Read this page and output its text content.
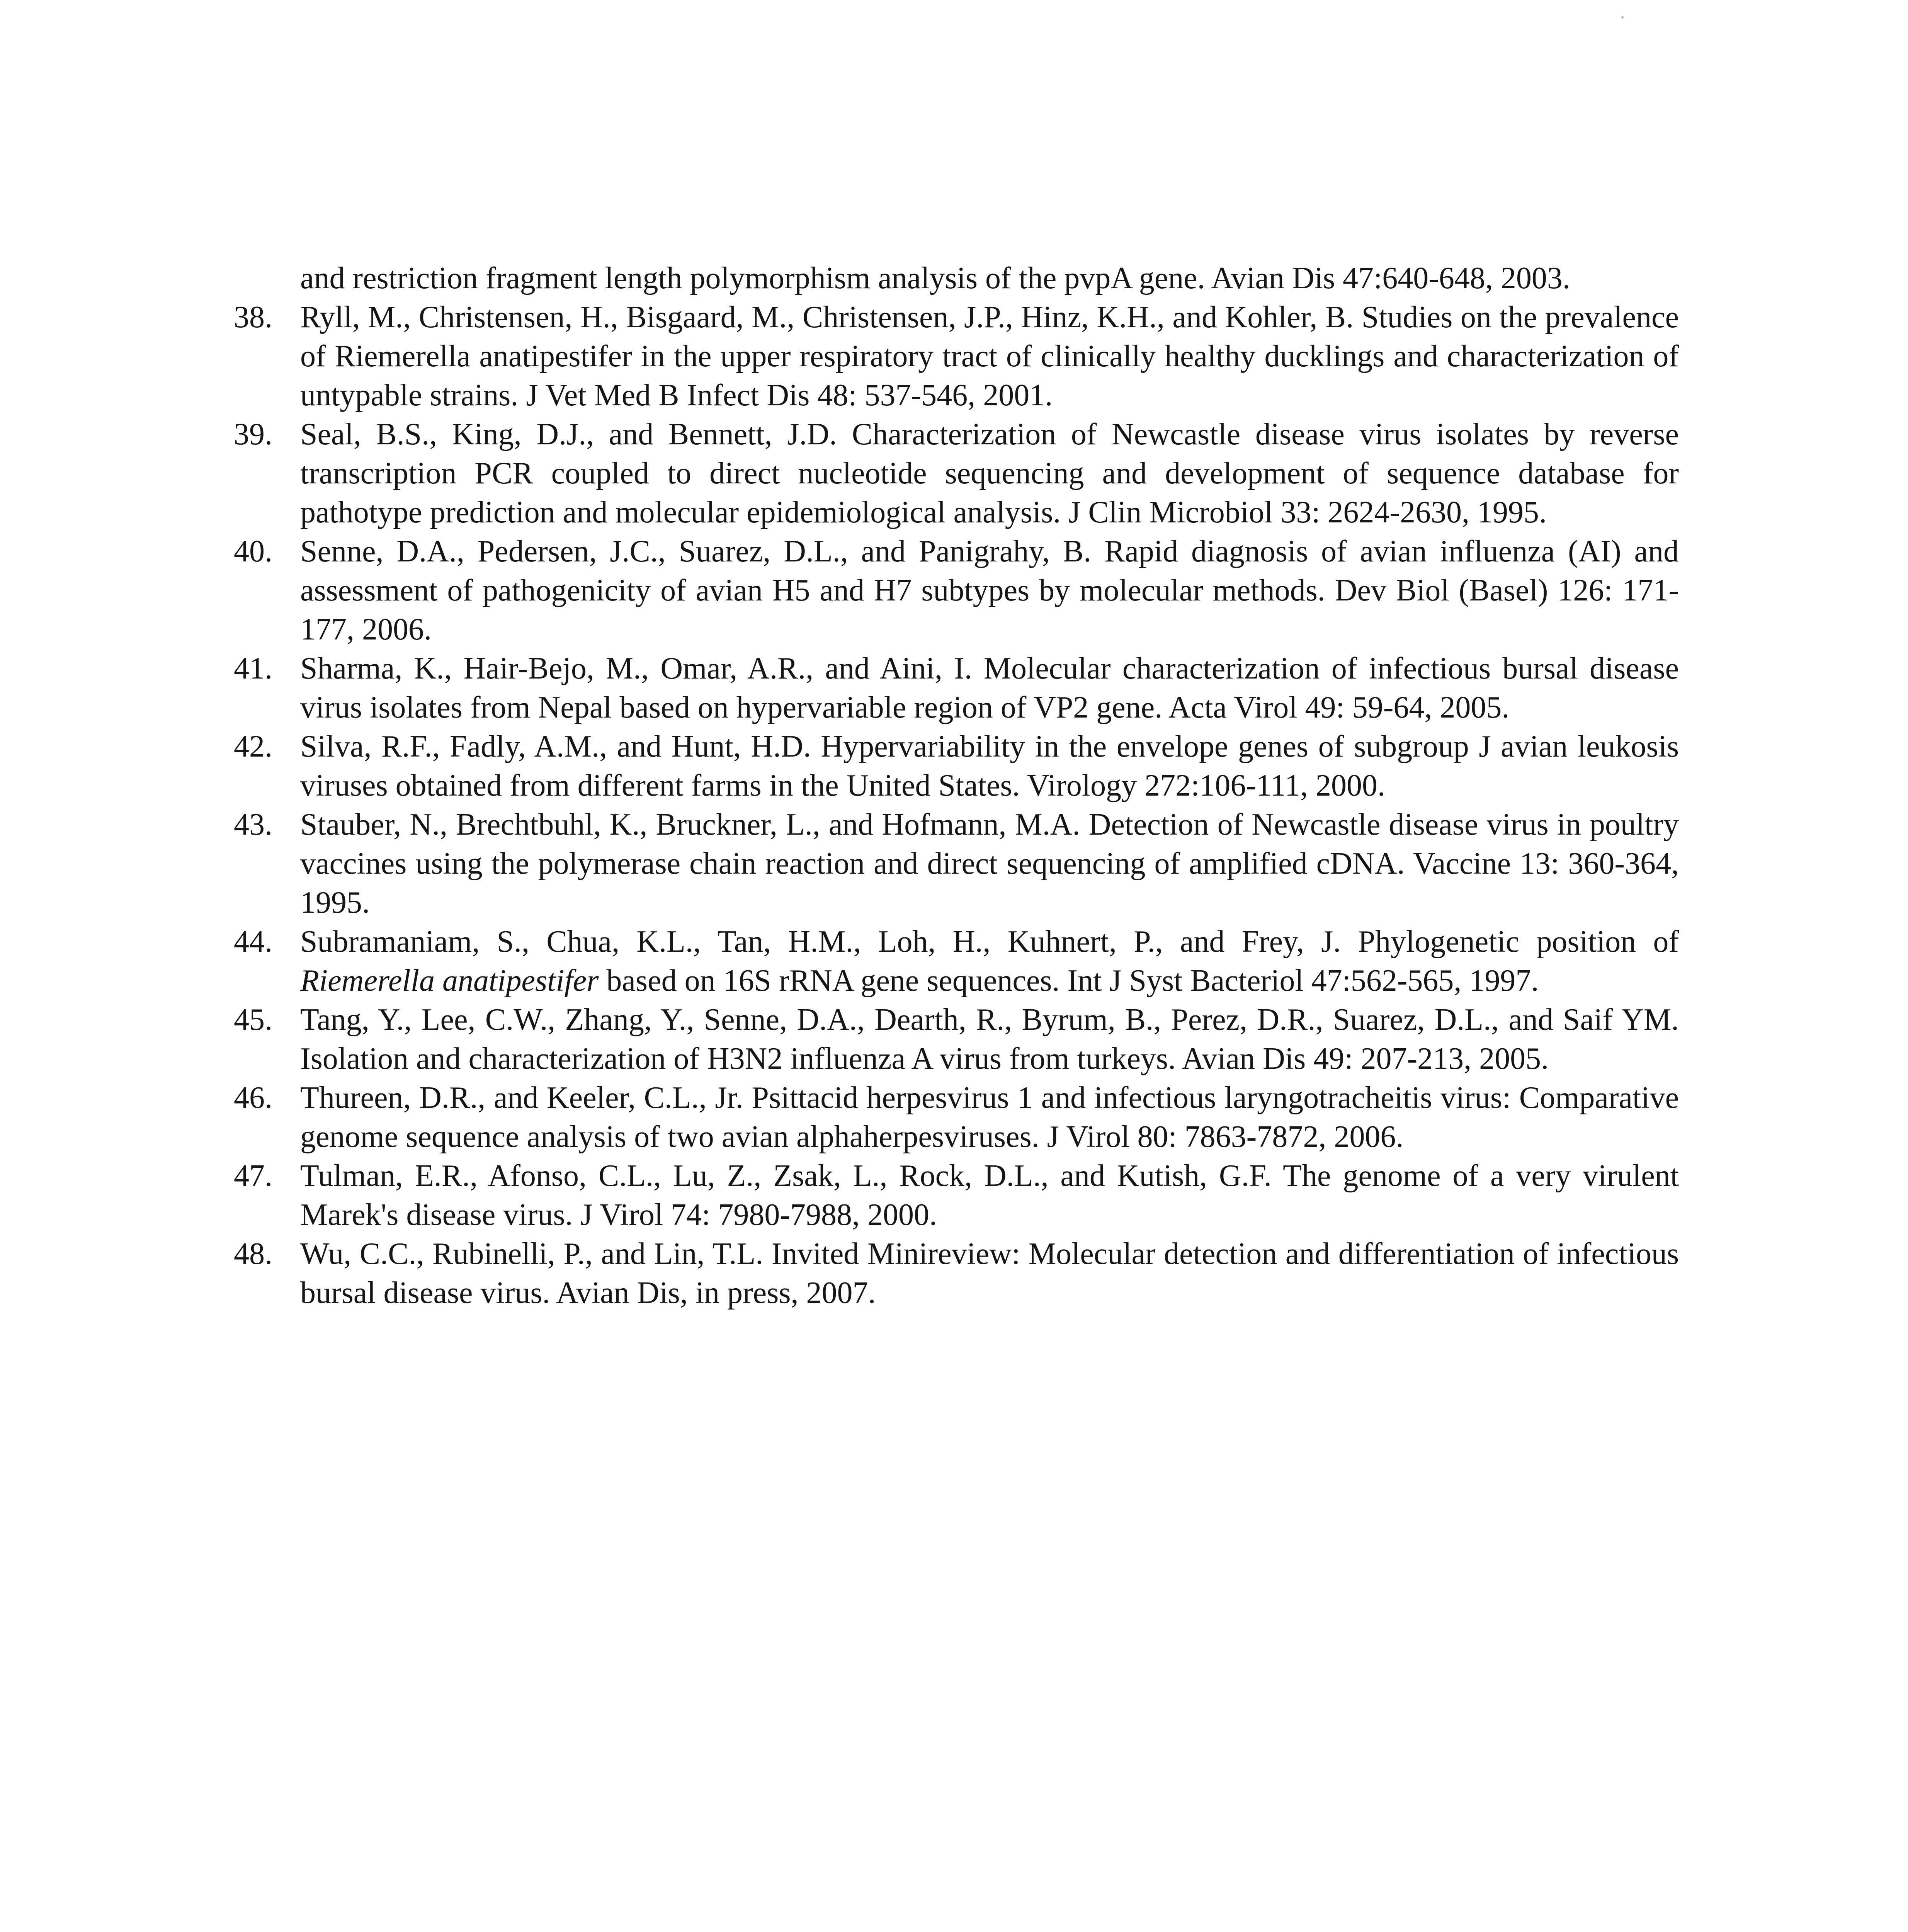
and restriction fragment length polymorphism analysis of the pvpA gene. Avian Dis 47:640-648, 2003.

38. Ryll, M., Christensen, H., Bisgaard, M., Christensen, J.P., Hinz, K.H., and Kohler, B. Studies on the prevalence of Riemerella anatipestifer in the upper respiratory tract of clinically healthy ducklings and characterization of untypable strains. J Vet Med B Infect Dis 48: 537-546, 2001.
39. Seal, B.S., King, D.J., and Bennett, J.D. Characterization of Newcastle disease virus isolates by reverse transcription PCR coupled to direct nucleotide sequencing and development of sequence database for pathotype prediction and molecular epidemiological analysis. J Clin Microbiol 33: 2624-2630, 1995.
40. Senne, D.A., Pedersen, J.C., Suarez, D.L., and Panigrahy, B. Rapid diagnosis of avian influenza (AI) and assessment of pathogenicity of avian H5 and H7 subtypes by molecular methods. Dev Biol (Basel) 126: 171-177, 2006.
41. Sharma, K., Hair-Bejo, M., Omar, A.R., and Aini, I. Molecular characterization of infectious bursal disease virus isolates from Nepal based on hypervariable region of VP2 gene. Acta Virol 49: 59-64, 2005.
42. Silva, R.F., Fadly, A.M., and Hunt, H.D. Hypervariability in the envelope genes of subgroup J avian leukosis viruses obtained from different farms in the United States. Virology 272:106-111, 2000.
43. Stauber, N., Brechtbuhl, K., Bruckner, L., and Hofmann, M.A. Detection of Newcastle disease virus in poultry vaccines using the polymerase chain reaction and direct sequencing of amplified cDNA. Vaccine 13: 360-364, 1995.
44. Subramaniam, S., Chua, K.L., Tan, H.M., Loh, H., Kuhnert, P., and Frey, J. Phylogenetic position of Riemerella anatipestifer based on 16S rRNA gene sequences. Int J Syst Bacteriol 47:562-565, 1997.
45. Tang, Y., Lee, C.W., Zhang, Y., Senne, D.A., Dearth, R., Byrum, B., Perez, D.R., Suarez, D.L., and Saif YM. Isolation and characterization of H3N2 influenza A virus from turkeys. Avian Dis 49: 207-213, 2005.
46. Thureen, D.R., and Keeler, C.L., Jr. Psittacid herpesvirus 1 and infectious laryngotracheitis virus: Comparative genome sequence analysis of two avian alphaherpesviruses. J Virol 80: 7863-7872, 2006.
47. Tulman, E.R., Afonso, C.L., Lu, Z., Zsak, L., Rock, D.L., and Kutish, G.F. The genome of a very virulent Marek's disease virus. J Virol 74: 7980-7988, 2000.
48. Wu, C.C., Rubinelli, P., and Lin, T.L. Invited Minireview: Molecular detection and differentiation of infectious bursal disease virus. Avian Dis, in press, 2007.
